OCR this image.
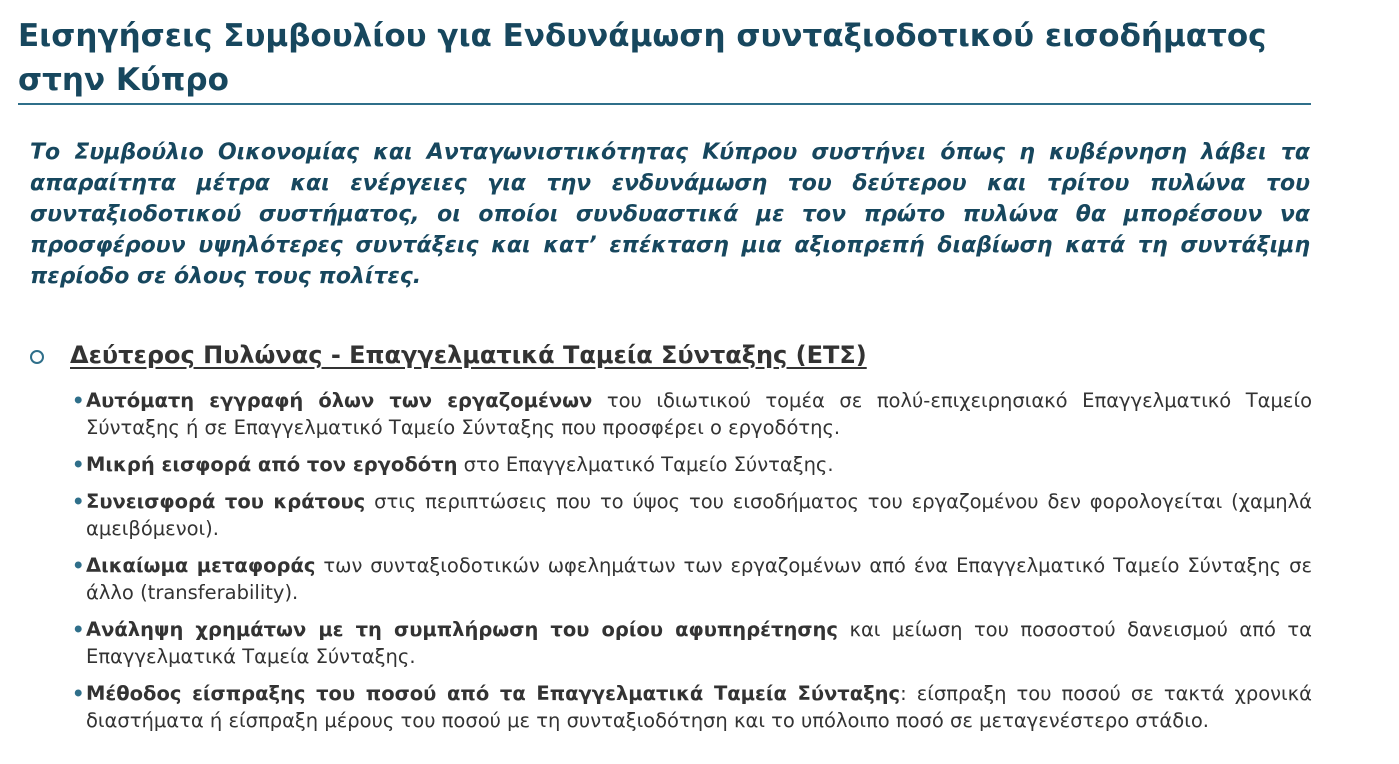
Εισηγήσεις Συμβουλίου για Ενδυνάμωση συνταξιοδοτικού εισοδήματος στην Κύπρο

Το Συμβούλιο Οικονομίας και Ανταγωνιστικότητας Κύπρου συστήνει όπως η κυβέρνηση λάβει τα απαραίτητα μέτρα και ενέργειες για την ενδυνάμωση του δεύτερου και τρίτου πυλώνα του συνταξιοδοτικού συστήματος, οι οποίοι συνδυαστικά με τον πρώτο πυλώνα θα μπορέσουν να προσφέρουν υψηλότερες συντάξεις και κατ’ επέκταση μια αξιοπρεπή διαβίωση κατά τη συντάξιμη περίοδο σε όλους τους πολίτες.

Δεύτερος Πυλώνας - Επαγγελματικά Ταμεία Σύνταξης (ΕΤΣ)
• Αυτόματη εγγραφή όλων των εργαζομένων του ιδιωτικού τομέα σε πολύ-επιχειρησιακό Επαγγελματικό Ταμείο Σύνταξης ή σε Επαγγελματικό Ταμείο Σύνταξης που προσφέρει ο εργοδότης.
• Μικρή εισφορά από τον εργοδότη στο Επαγγελματικό Ταμείο Σύνταξης.
• Συνεισφορά του κράτους στις περιπτώσεις που το ύψος του εισοδήματος του εργαζομένου δεν φορολογείται (χαμηλά αμειβόμενοι).
• Δικαίωμα μεταφοράς των συνταξιοδοτικών ωφελημάτων των εργαζομένων από ένα Επαγγελματικό Ταμείο Σύνταξης σε άλλο (transferability).
• Ανάληψη χρημάτων με τη συμπλήρωση του ορίου αφυπηρέτησης και μείωση του ποσοστού δανεισμού από τα Επαγγελματικά Ταμεία Σύνταξης.
• Μέθοδος είσπραξης του ποσού από τα Επαγγελματικά Ταμεία Σύνταξης: είσπραξη του ποσού σε τακτά χρονικά διαστήματα ή είσπραξη μέρους του ποσού με τη συνταξιοδότηση και το υπόλοιπο ποσό σε μεταγενέστερο στάδιο.
